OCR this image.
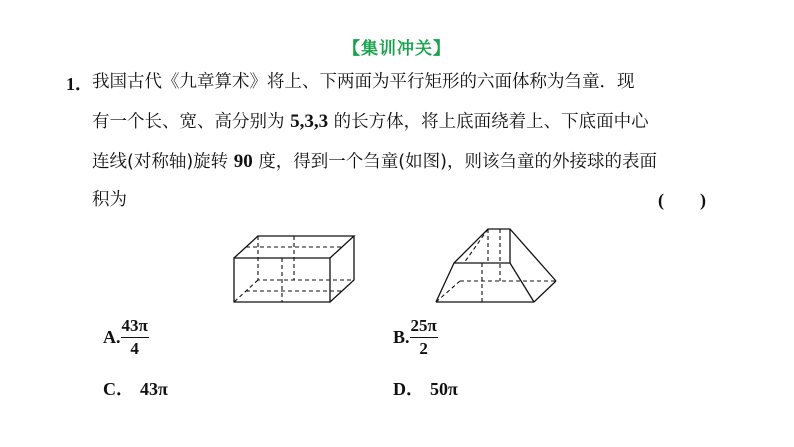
【集训冲关】
1． 我国古代《九章算术》将上、下两面为平行矩形的六面体称为刍童．现
有一个长、宽、高分别为 5,3,3 的长方体，将上底面绕着上、下底面中心
连线(对称轴)旋转 90 度，得到一个刍童(如图)，则该刍童的外接球的表面
积为	(  )
A. $\frac{43\pi}{4}$	B. $\frac{25\pi}{2}$
C． 43π	D． 50π
